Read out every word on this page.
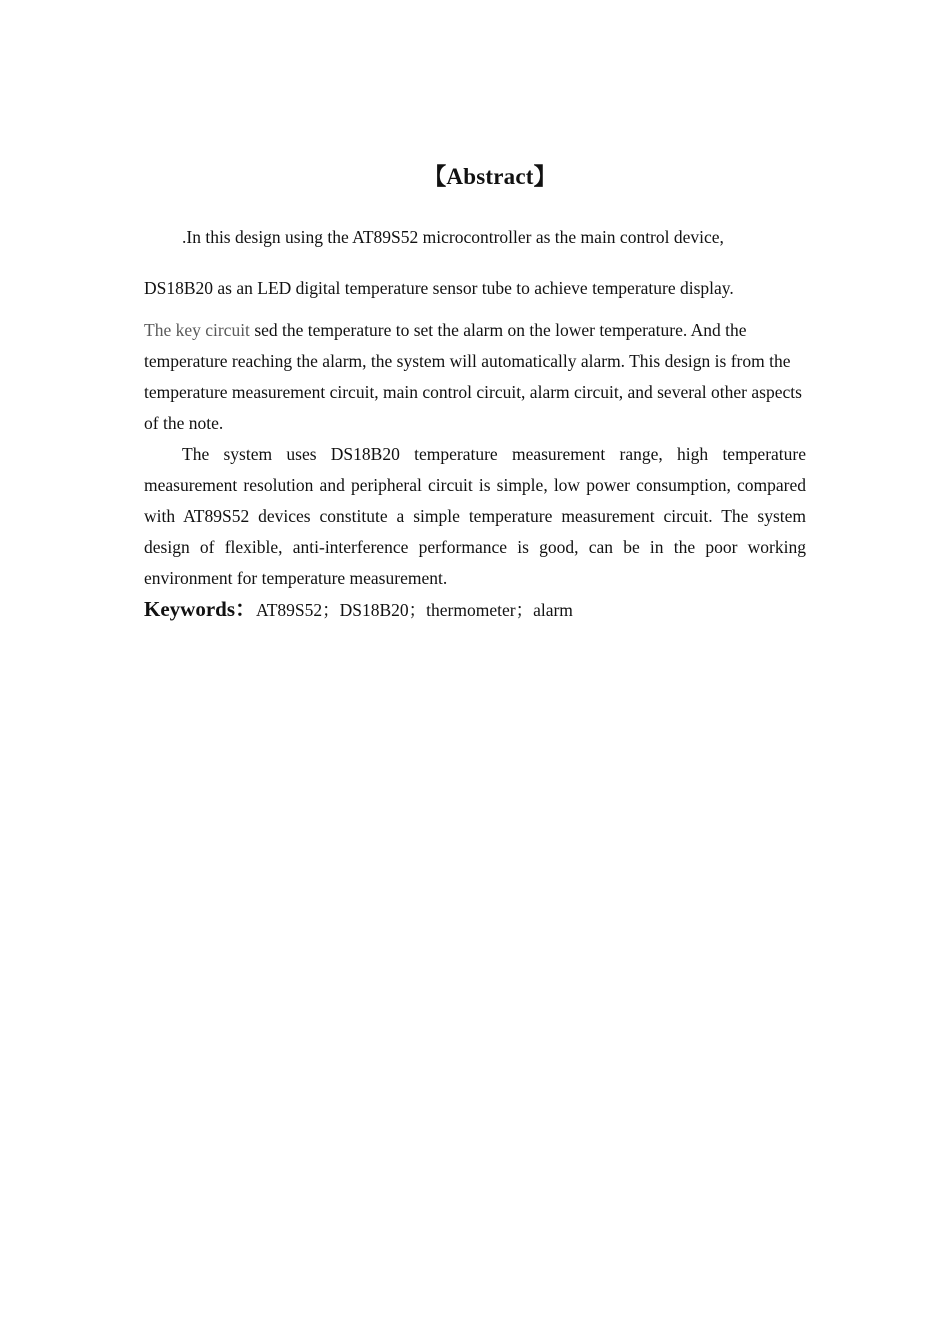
【Abstract】
.In this design using the AT89S52 microcontroller as the main control device,
DS18B20 as an LED digital temperature sensor tube to achieve temperature display.

The key circuit sed the temperature to set the alarm on the lower temperature. And the temperature reaching the alarm, the system will automatically alarm. This design is from the temperature measurement circuit, main control circuit, alarm circuit, and several other aspects of the note.

The system uses DS18B20 temperature measurement range, high temperature measurement resolution and peripheral circuit is simple, low power consumption, compared with AT89S52 devices constitute a simple temperature measurement circuit. The system design of flexible, anti-interference performance is good, can be in the poor working environment for temperature measurement.

Keywords：AT89S52；DS18B20；thermometer；alarm
